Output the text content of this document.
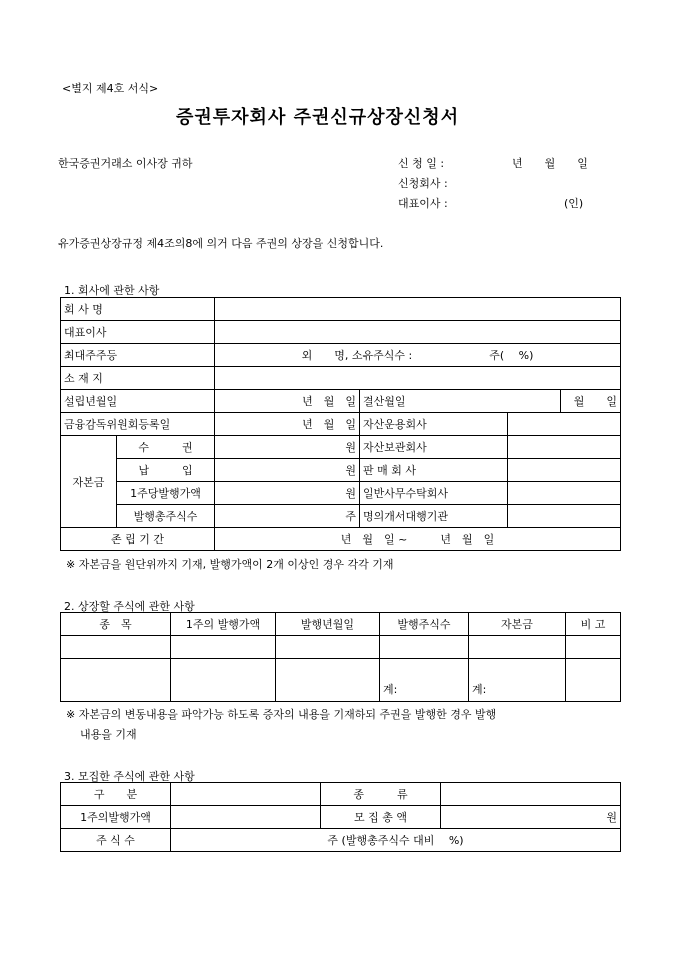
<별지 제4호 서식>
증권투자회사 주권신규상장신청서
한국증권거래소 이사장 귀하	신 청 일 :	년　　월　　일
신청회사 :
대표이사 :	(인)
유가증권상장규정 제4조의8에 의거 다음 주권의 상장을 신청합니다.
1. 회사에 관한 사항
회 사 명					
대표이사					
최대주주등		외　　명, 소유주식수 :　　　　　　　주(　 %)			
소 재 지					
설립년월일		년　월　일	결산월일		월　　일
금융감독위원회등록일		년　월　일	자산운용회사		
자본금	수　　　권	원	자산보관회사		
	납　　　입	원	판 매 회 사		
	1주당발행가액	원	일반사무수탁회사		
	발행총주식수	주	명의개서대행기관		
존 립 기 간		년　월　일 ~　　　년　월　일			
※ 자본금을 원단위까지 기재, 발행가액이 2개 이상인 경우 각각 기재
2. 상장할 주식에 관한 사항
종　목	1주의 발행가액	발행년월일	발행주식수	자본금	비 고

			계:	계:	
※ 자본금의 변동내용을 파악가능 하도록 증자의 내용을 기재하되 주권을 발행한 경우 발행
내용을 기재
3. 모집한 주식에 관한 사항
구　　분		종　　　류	
1주의발행가액		모 집 총 액	원
주 식 수	주 (발행총주식수 대비　 %)		
